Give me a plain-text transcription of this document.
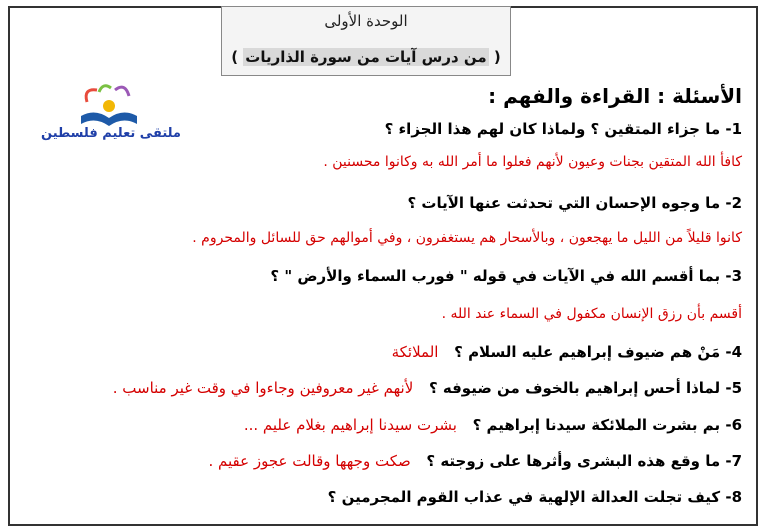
الوحدة الأولى
( من درس آيات من سورة الذاريات )
الأسئلة : القراءة والفهم :
ملتقى تعليم فلسطين	1- ما جزاء المتقين ؟ ولماذا كان لهم هذا الجزاء ؟
كافأ الله المتقين بجنات وعيون لأنهم فعلوا ما أمر الله به وكانوا محسنين .
2- ما وجوه الإحسان التي تحدثت عنها الآيات ؟
كانوا قليلاً من الليل ما يهجعون ، وبالأسحار هم يستغفرون ، وفي أموالهم حق للسائل والمحروم .
3- بما أقسم الله في الآيات في قوله " فورب السماء والأرض " ؟
أقسم بأن رزق الإنسان مكفول في السماء عند الله .
4- مَنْ هم ضيوف إبراهيم عليه السلام ؟   الملائكة
5- لماذا أحس إبراهيم بالخوف من ضيوفه ؟   لأنهم غير معروفين وجاءوا في وقت غير مناسب .
6- بم بشرت الملائكة سيدنا إبراهيم ؟   بشرت سيدنا إبراهيم بغلام عليم ...
7- ما وقع هذه البشرى وأثرها على زوجته ؟   صكت وجهها وقالت عجوز عقيم .
8- كيف تجلت العدالة الإلهية في عذاب القوم المجرمين ؟
